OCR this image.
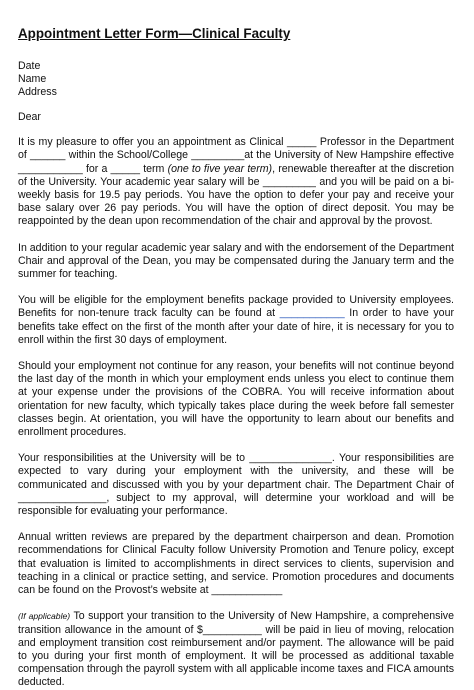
Appointment Letter Form—Clinical Faculty
Date
Name
Address
Dear

It is my pleasure to offer you an appointment as Clinical _____ Professor in the Department of ______ within the School/College _________at the University of New Hampshire effective ___________ for a _____ term (one to five year term), renewable thereafter at the discretion of the University. Your academic year salary will be _________ and you will be paid on a bi-weekly basis for 19.5 pay periods. You have the option to defer your pay and receive your base salary over 26 pay periods. You will have the option of direct deposit. You may be reappointed by the dean upon recommendation of the chair and approval by the provost.

In addition to your regular academic year salary and with the endorsement of the Department Chair and approval of the Dean, you may be compensated during the January term and the summer for teaching.

You will be eligible for the employment benefits package provided to University employees. Benefits for non-tenure track faculty can be found at ___________ In order to have your benefits take effect on the first of the month after your date of hire, it is necessary for you to enroll within the first 30 days of employment.

Should your employment not continue for any reason, your benefits will not continue beyond the last day of the month in which your employment ends unless you elect to continue them at your expense under the provisions of the COBRA. You will receive information about orientation for new faculty, which typically takes place during the week before fall semester classes begin. At orientation, you will have the opportunity to learn about our benefits and enrollment procedures.

Your responsibilities at the University will be to ______________. Your responsibilities are expected to vary during your employment with the university, and these will be communicated and discussed with you by your department chair. The Department Chair of _______________, subject to my approval, will determine your workload and will be responsible for evaluating your performance.

Annual written reviews are prepared by the department chairperson and dean. Promotion recommendations for Clinical Faculty follow University Promotion and Tenure policy, except that evaluation is limited to accomplishments in direct services to clients, supervision and teaching in a clinical or practice setting, and service. Promotion procedures and documents can be found on the Provost’s website at ____________

(If applicable) To support your transition to the University of New Hampshire, a comprehensive transition allowance in the amount of $__________ will be paid in lieu of moving, relocation and employment transition cost reimbursement and/or payment. The allowance will be paid to you during your first month of employment. It will be processed as additional taxable compensation through the payroll system with all applicable income taxes and FICA amounts deducted.
